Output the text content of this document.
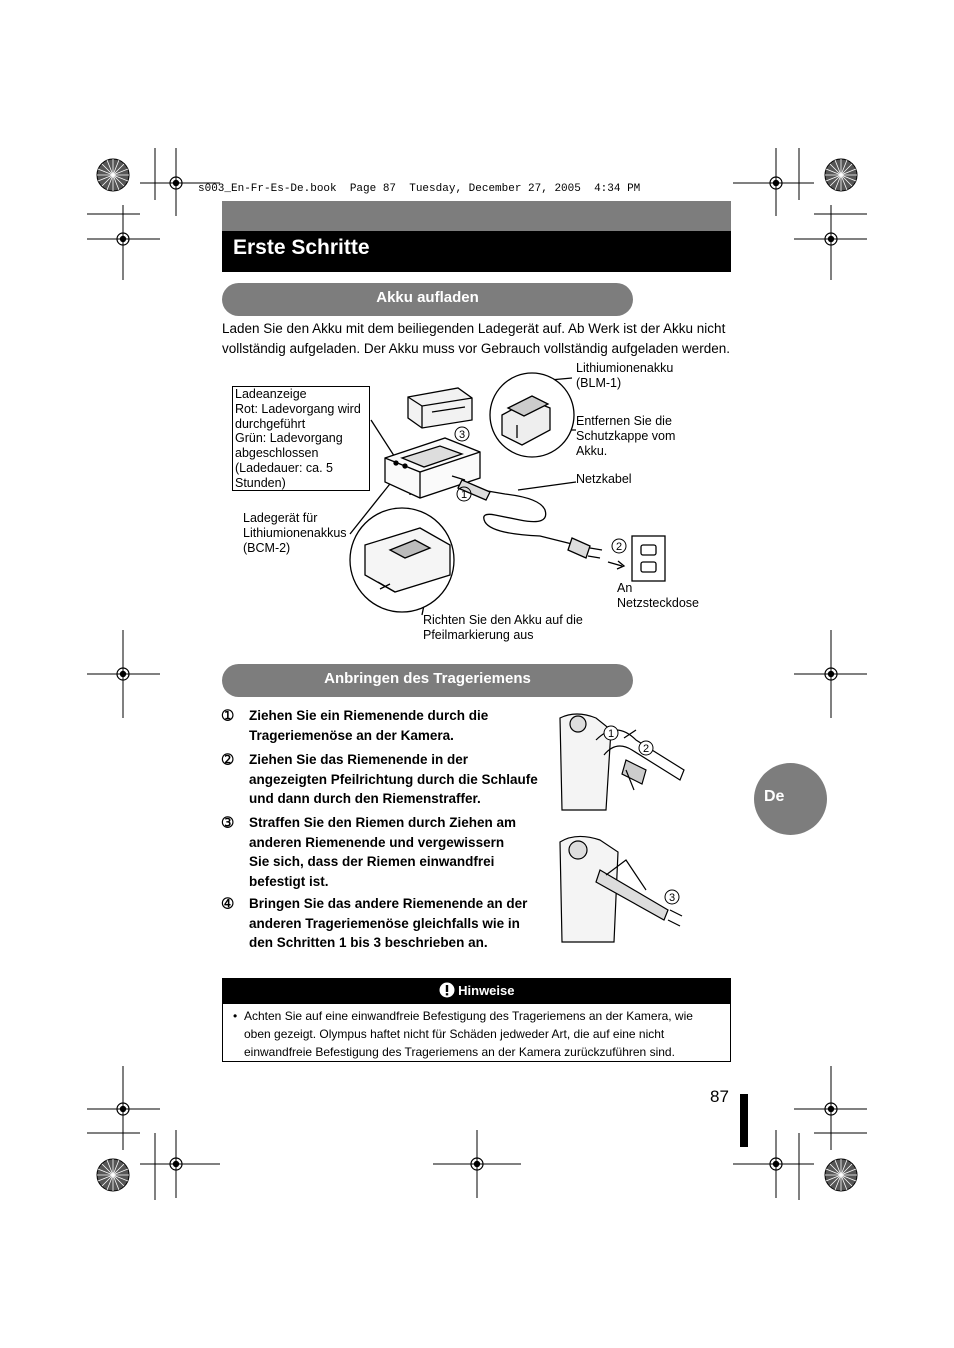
s003_En-Fr-Es-De.book  Page 87  Tuesday, December 27, 2005  4:34 PM
Erste Schritte
Akku aufladen
Laden Sie den Akku mit dem beiliegenden Ladegerät auf. Ab Werk ist der Akku nicht
vollständig aufgeladen. Der Akku muss vor Gebrauch vollständig aufgeladen werden.
Ladeanzeige
Rot: Ladevorgang wird
durchgeführt
Grün: Ladevorgang
abgeschlossen
(Ladedauer: ca. 5
Stunden)
3
1
2
Lithiumionenakku
(BLM-1)
Entfernen Sie die
Schutzkappe vom
Akku.
Netzkabel
Ladegerät für
Lithiumionenakkus
(BCM-2)
An
Netzsteckdose
Richten Sie den Akku auf die
Pfeilmarkierung aus
Anbringen des Trageriemens
➀	Ziehen Sie ein Riemenende durch die
Trageriemenöse an der Kamera.
➁	Ziehen Sie das Riemenende in der
angezeigten Pfeilrichtung durch die Schlaufe
und dann durch den Riemenstraffer.
➂	Straffen Sie den Riemen durch Ziehen am
anderen Riemenende und vergewissern
Sie sich, dass der Riemen einwandfrei
befestigt ist.
➃	Bringen Sie das andere Riemenende an der
anderen Trageriemenöse gleichfalls wie in
den Schritten 1 bis 3 beschrieben an.
1
2
3
De
Hinweise
• Achten Sie auf eine einwandfreie Befestigung des Trageriemens an der Kamera, wie
oben gezeigt. Olympus haftet nicht für Schäden jedweder Art, die auf eine nicht
einwandfreie Befestigung des Trageriemens an der Kamera zurückzuführen sind.
87
